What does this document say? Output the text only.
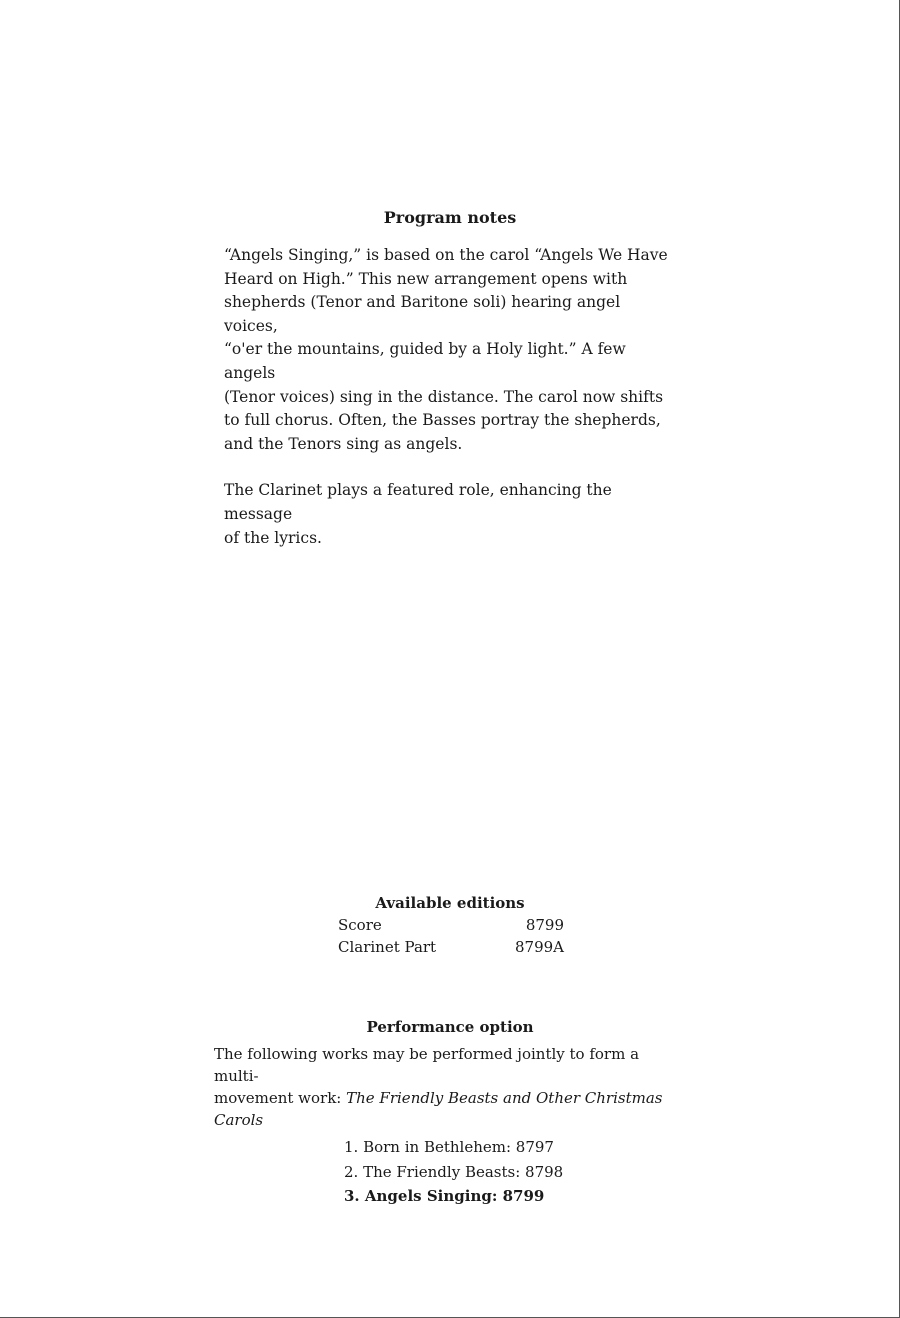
Program notes

“Angels Singing,” is based on the carol “Angels We Have
Heard on High.” This new arrangement opens with
shepherds (Tenor and Baritone soli) hearing angel voices,
“o'er the mountains, guided by a Holy light.” A few angels
(Tenor voices) sing in the distance. The carol now shifts
to full chorus. Often, the Basses portray the shepherds,
and the Tenors sing as angels.

The Clarinet plays a featured role, enhancing the message
of the lyrics.

Available editions
Score	8799
Clarinet Part	8799A
Performance option

The following works may be performed jointly to form a multi-
movement work: The Friendly Beasts and Other Christmas Carols

1. Born in Bethlehem: 8797
2. The Friendly Beasts: 8798
3. Angels Singing: 8799
